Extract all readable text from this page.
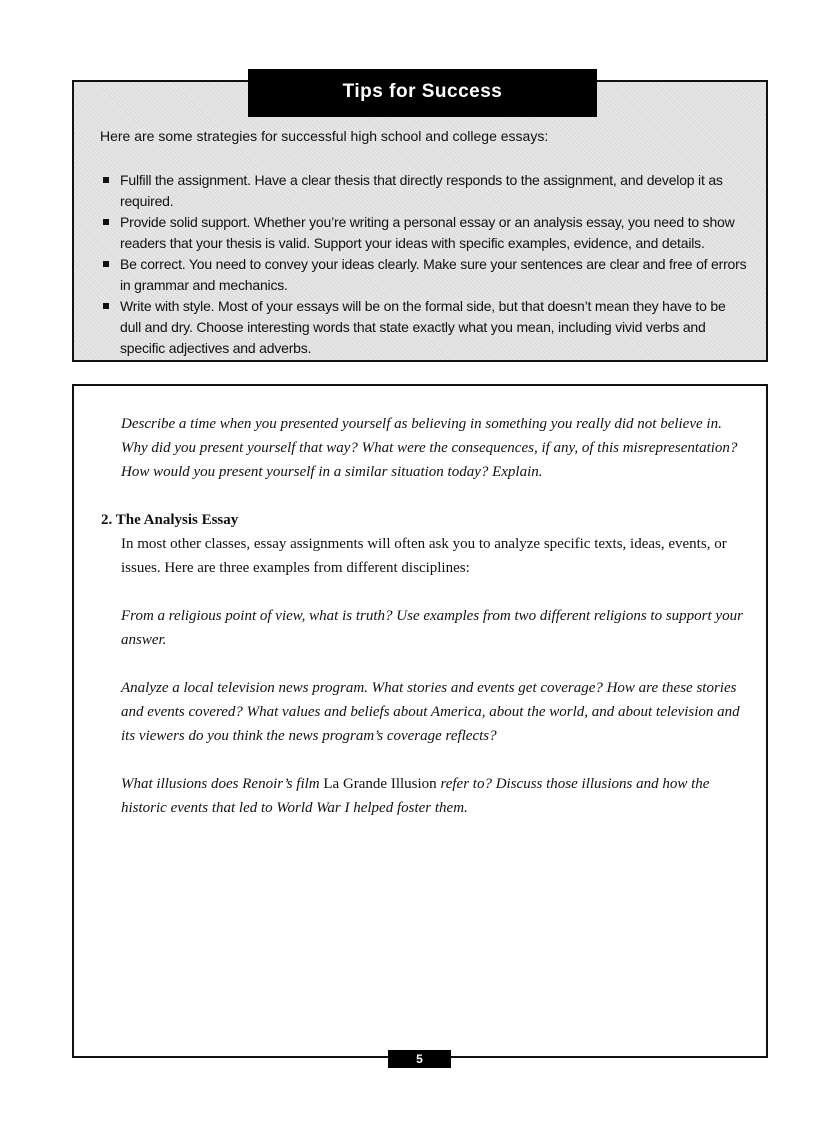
Here are some strategies for successful high school and college essays:
Fulfill the assignment. Have a clear thesis that directly responds to the assignment, and develop it as required.
Provide solid support. Whether you’re writing a personal essay or an analysis essay, you need to show readers that your thesis is valid. Support your ideas with specific examples, evidence, and details.
Be correct. You need to convey your ideas clearly. Make sure your sentences are clear and free of errors in grammar and mechanics.
Write with style. Most of your essays will be on the formal side, but that doesn’t mean they have to be dull and dry. Choose interesting words that state exactly what you mean, including vivid verbs and specific adjectives and adverbs.
Tips for Success

Describe a time when you presented yourself as believing in something you really did not believe in. Why did you present yourself that way? What were the consequences, if any, of this misrepresentation? How would you present yourself in a similar situation today? Explain.

2. The Analysis Essay

In most other classes, essay assignments will often ask you to analyze specific texts, ideas, events, or issues. Here are three examples from different disciplines:

From a religious point of view, what is truth? Use examples from two different religions to support your answer.

Analyze a local television news program. What stories and events get coverage? How are these stories and events covered? What values and beliefs about America, about the world, and about television and its viewers do you think the news program’s coverage reflects?

What illusions does Renoir’s film La Grande Illusion refer to? Discuss those illusions and how the historic events that led to World War I helped foster them.

5
